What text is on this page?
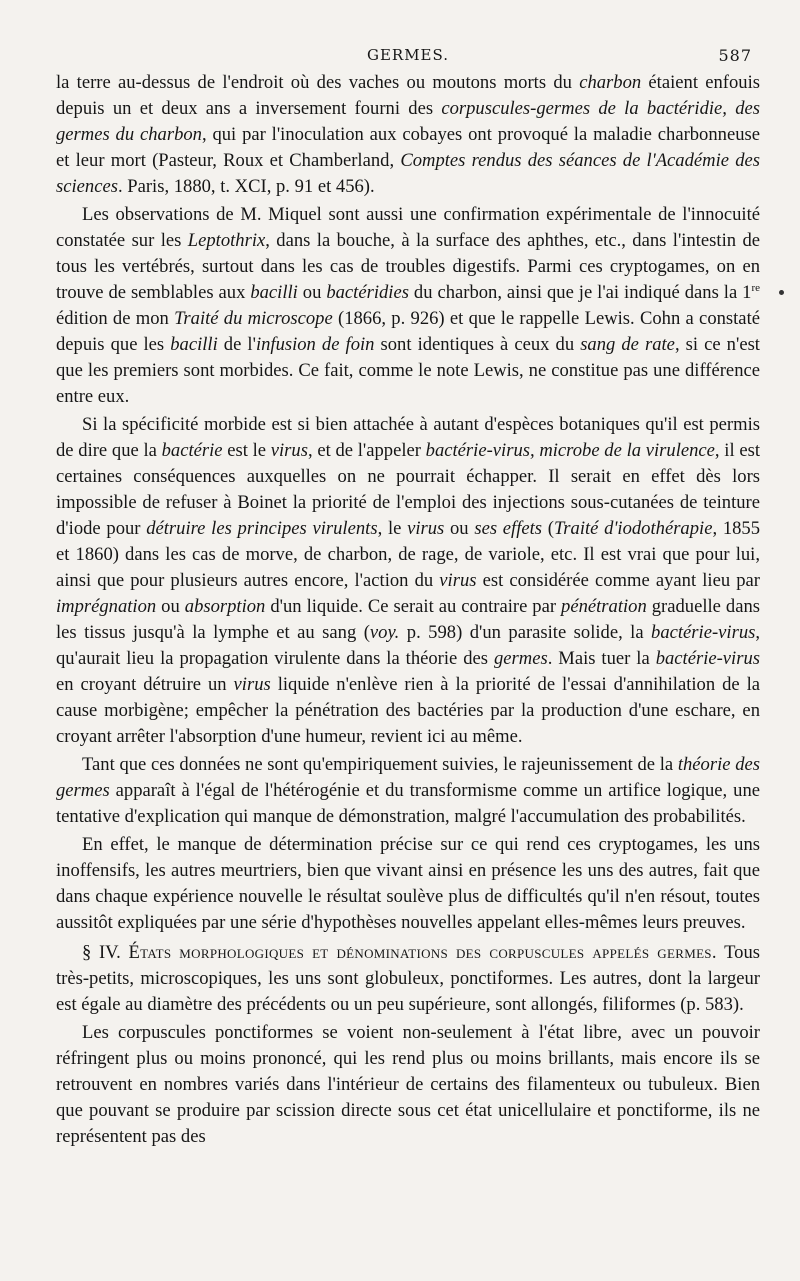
GERMES.	587

la terre au-dessus de l'endroit où des vaches ou moutons morts du charbon étaient enfouis depuis un et deux ans a inversement fourni des corpuscules-germes de la bactéridie, des germes du charbon, qui par l'inoculation aux cobayes ont provoqué la maladie charbonneuse et leur mort (Pasteur, Roux et Chamberland, Comptes rendus des séances de l'Académie des sciences. Paris, 1880, t. XCI, p. 91 et 456).

Les observations de M. Miquel sont aussi une confirmation expérimentale de l'innocuité constatée sur les Leptothrix, dans la bouche, à la surface des aphthes, etc., dans l'intestin de tous les vertébrés, surtout dans les cas de troubles digestifs. Parmi ces cryptogames, on en trouve de semblables aux bacilli ou bactéridies du charbon, ainsi que je l'ai indiqué dans la 1re édition de mon Traité du microscope (1866, p. 926) et que le rappelle Lewis. Cohn a constaté depuis que les bacilli de l'infusion de foin sont identiques à ceux du sang de rate, si ce n'est que les premiers sont morbides. Ce fait, comme le note Lewis, ne constitue pas une différence entre eux.

Si la spécificité morbide est si bien attachée à autant d'espèces botaniques qu'il est permis de dire que la bactérie est le virus, et de l'appeler bactérie-virus, microbe de la virulence, il est certaines conséquences auxquelles on ne pourrait échapper. Il serait en effet dès lors impossible de refuser à Boinet la priorité de l'emploi des injections sous-cutanées de teinture d'iode pour détruire les principes virulents, le virus ou ses effets (Traité d'iodothérapie, 1855 et 1860) dans les cas de morve, de charbon, de rage, de variole, etc. Il est vrai que pour lui, ainsi que pour plusieurs autres encore, l'action du virus est considérée comme ayant lieu par imprégnation ou absorption d'un liquide. Ce serait au contraire par pénétration graduelle dans les tissus jusqu'à la lymphe et au sang (voy. p. 598) d'un parasite solide, la bactérie-virus, qu'aurait lieu la propagation virulente dans la théorie des germes. Mais tuer la bactérie-virus en croyant détruire un virus liquide n'enlève rien à la priorité de l'essai d'annihilation de la cause morbigène; empêcher la pénétration des bactéries par la production d'une eschare, en croyant arrêter l'absorption d'une humeur, revient ici au même.

Tant que ces données ne sont qu'empiriquement suivies, le rajeunissement de la théorie des germes apparaît à l'égal de l'hétérogénie et du transformisme comme un artifice logique, une tentative d'explication qui manque de démonstration, malgré l'accumulation des probabilités.

En effet, le manque de détermination précise sur ce qui rend ces cryptogames, les uns inoffensifs, les autres meurtriers, bien que vivant ainsi en présence les uns des autres, fait que dans chaque expérience nouvelle le résultat soulève plus de difficultés qu'il n'en résout, toutes aussitôt expliquées par une série d'hypothèses nouvelles appelant elles-mêmes leurs preuves.

§ IV. États morphologiques et dénominations des corpuscules appelés germes. Tous très-petits, microscopiques, les uns sont globuleux, ponctiformes. Les autres, dont la largeur est égale au diamètre des précédents ou un peu supérieure, sont allongés, filiformes (p. 583).

Les corpuscules ponctiformes se voient non-seulement à l'état libre, avec un pouvoir réfringent plus ou moins prononcé, qui les rend plus ou moins brillants, mais encore ils se retrouvent en nombres variés dans l'intérieur de certains des filamenteux ou tubuleux. Bien que pouvant se produire par scission directe sous cet état unicellulaire et ponctiforme, ils ne représentent pas des
